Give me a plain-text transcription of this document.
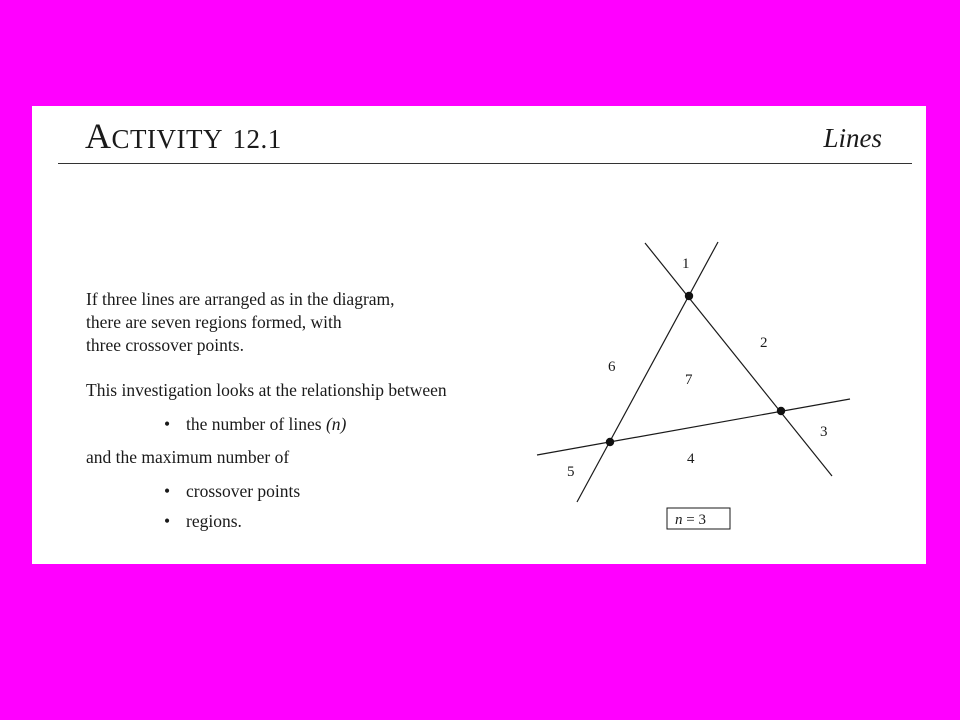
ACTIVITY 12.1	Lines
If three lines are arranged as in the diagram,
there are seven regions formed, with
three crossover points.
This investigation looks at the relationship between
• the number of lines (n)
and the maximum number of
• crossover points
• regions.
1
2
3
4
5
6
7
n = 3
